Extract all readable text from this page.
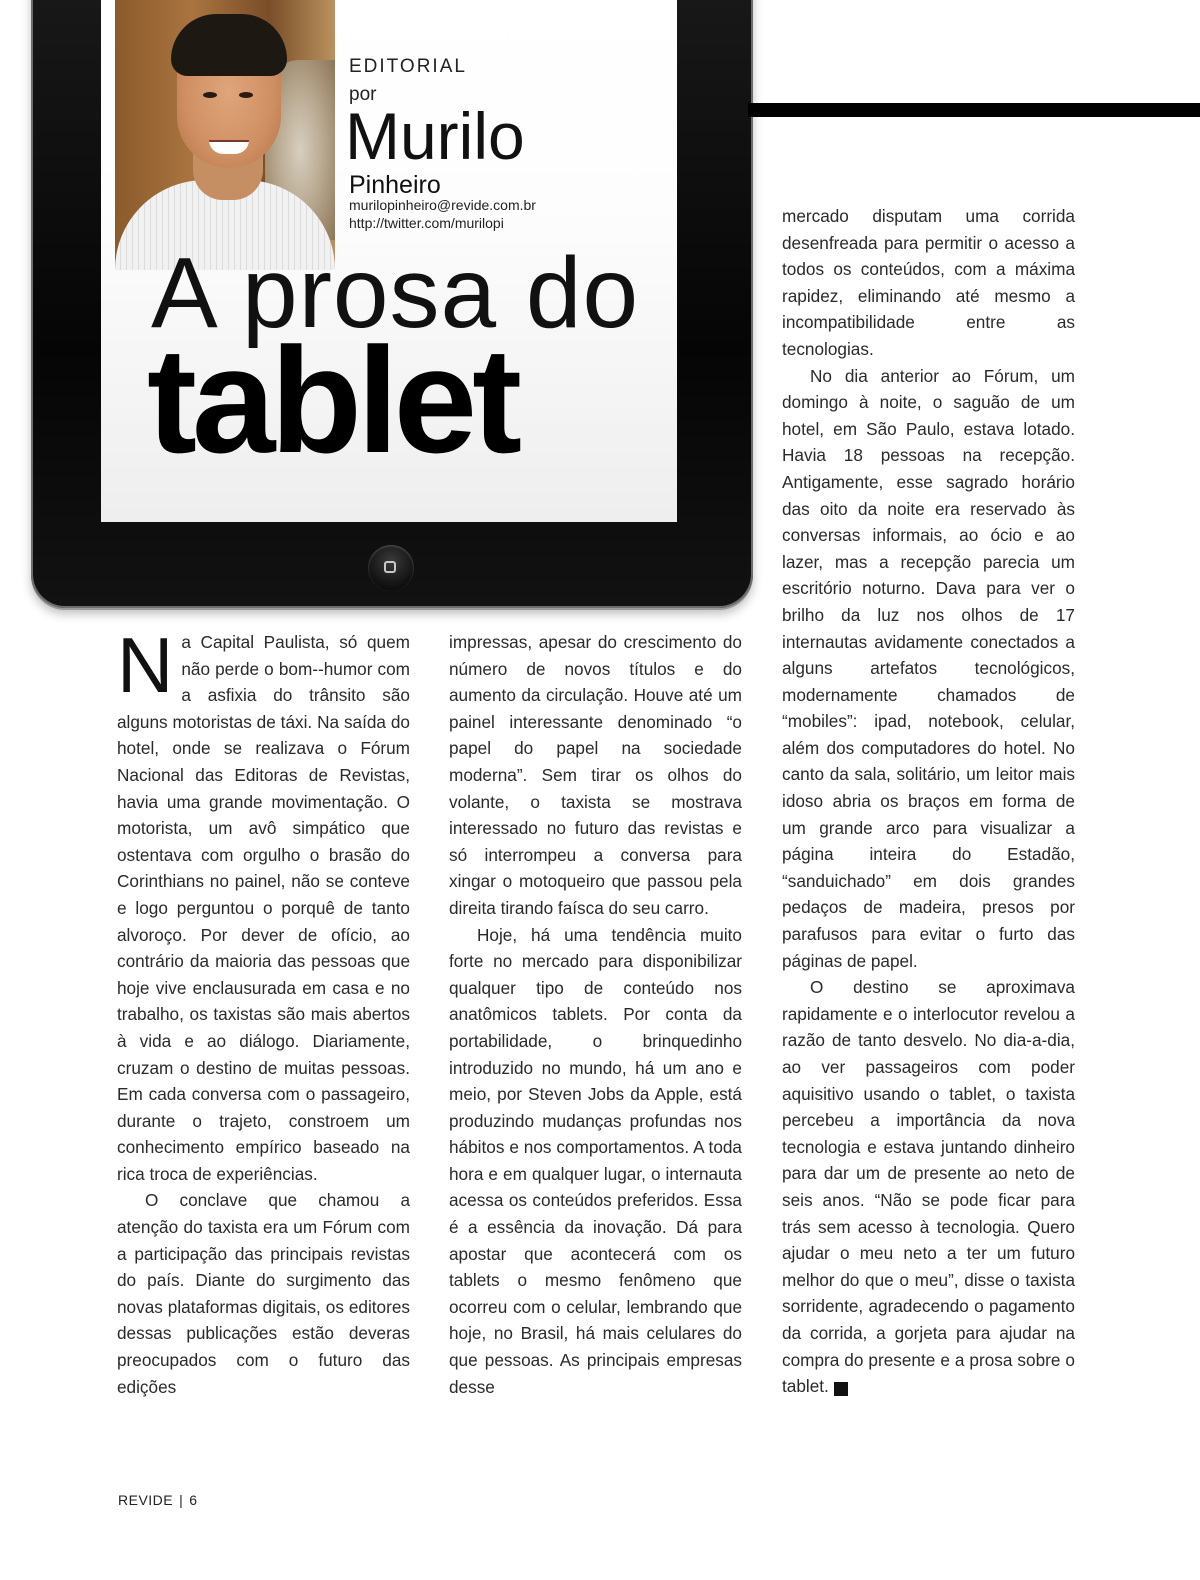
EDITORIAL
por
Murilo
Pinheiro
murilopinheiro@revide.com.br
http://twitter.com/murilopi
A prosa do
tablet

Na Capital Paulista, só quem não perde o bom--humor com a asfixia do trânsito são alguns motoristas de táxi. Na saída do hotel, onde se realizava o Fórum Nacional das Editoras de Revistas, havia uma grande movimentação. O motorista, um avô simpático que ostentava com orgulho o brasão do Corinthians no painel, não se conteve e logo perguntou o porquê de tanto alvoroço. Por dever de ofício, ao contrário da maioria das pessoas que hoje vive enclausurada em casa e no trabalho, os taxistas são mais abertos à vida e ao diálogo. Diariamente, cruzam o destino de muitas pessoas. Em cada conversa com o passageiro, durante o trajeto, constroem um conhecimento empírico baseado na rica troca de experiências.

O conclave que chamou a atenção do taxista era um Fórum com a participação das principais revistas do país. Diante do surgimento das novas plataformas digitais, os editores dessas publicações estão deveras preocupados com o futuro das edições

impressas, apesar do crescimento do número de novos títulos e do aumento da circulação. Houve até um painel interessante denominado “o papel do papel na sociedade moderna”. Sem tirar os olhos do volante, o taxista se mostrava interessado no futuro das revistas e só interrompeu a conversa para xingar o motoqueiro que passou pela direita tirando faísca do seu carro.

Hoje, há uma tendência muito forte no mercado para disponibilizar qualquer tipo de conteúdo nos anatômicos tablets. Por conta da portabilidade, o brinquedinho introduzido no mundo, há um ano e meio, por Steven Jobs da Apple, está produzindo mudanças profundas nos hábitos e nos comportamentos. A toda hora e em qualquer lugar, o internauta acessa os conteúdos preferidos. Essa é a essência da inovação. Dá para apostar que acontecerá com os tablets o mesmo fenômeno que ocorreu com o celular, lembrando que hoje, no Brasil, há mais celulares do que pessoas. As principais empresas desse

mercado disputam uma corrida desenfreada para permitir o acesso a todos os conteúdos, com a máxima rapidez, eliminando até mesmo a incompatibilidade entre as tecnologias.

No dia anterior ao Fórum, um domingo à noite, o saguão de um hotel, em São Paulo, estava lotado. Havia 18 pessoas na recepção. Antigamente, esse sagrado horário das oito da noite era reservado às conversas informais, ao ócio e ao lazer, mas a recepção parecia um escritório noturno. Dava para ver o brilho da luz nos olhos de 17 internautas avidamente conectados a alguns artefatos tecnológicos, modernamente chamados de “mobiles”: ipad, notebook, celular, além dos computadores do hotel. No canto da sala, solitário, um leitor mais idoso abria os braços em forma de um grande arco para visualizar a página inteira do Estadão, “sanduichado” em dois grandes pedaços de madeira, presos por parafusos para evitar o furto das páginas de papel.

O destino se aproximava rapidamente e o interlocutor revelou a razão de tanto desvelo. No dia-a-dia, ao ver passageiros com poder aquisitivo usando o tablet, o taxista percebeu a importância da nova tecnologia e estava juntando dinheiro para dar um de presente ao neto de seis anos. “Não se pode ficar para trás sem acesso à tecnologia. Quero ajudar o meu neto a ter um futuro melhor do que o meu”, disse o taxista sorridente, agradecendo o pagamento da corrida, a gorjeta para ajudar na compra do presente e a prosa sobre o tablet.	r

REVIDE | 6
